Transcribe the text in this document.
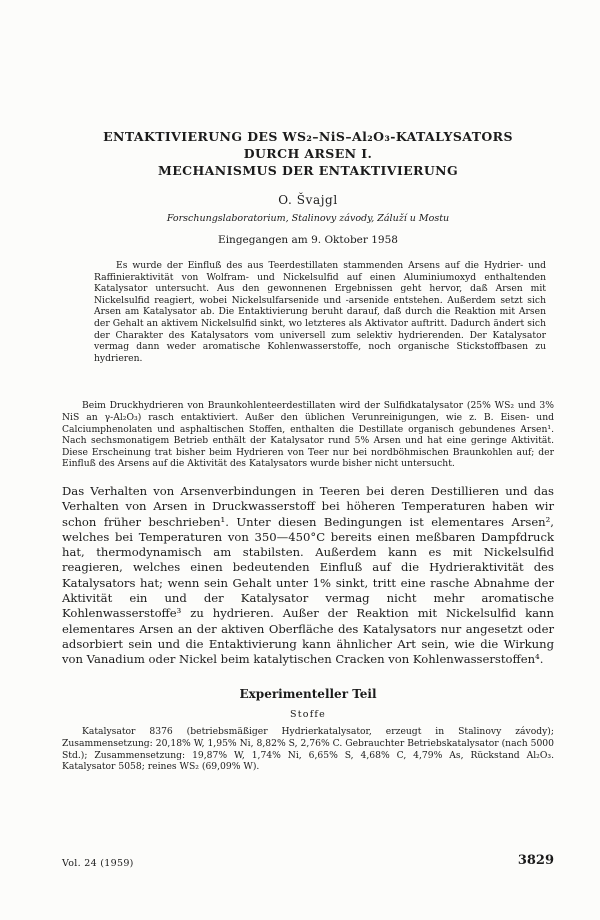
ENTAKTIVIERUNG DES WS₂–NiS–Al₂O₃-KATALYSATORS

DURCH ARSEN I.

MECHANISMUS DER ENTAKTIVIERUNG

O. Švajgl

Forschungslaboratorium, Stalinovy závody, Záluží u Mostu

Eingegangen am 9. Oktober 1958

Es wurde der Einfluß des aus Teerdestillaten stammenden Arsens auf die Hydrier- und Raffinieraktivität von Wolfram- und Nickelsulfid auf einen Aluminiumoxyd enthaltenden Katalysator untersucht. Aus den gewonnenen Ergebnissen geht hervor, daß Arsen mit Nickelsulfid reagiert, wobei Nickelsulfarsenide und -arsenide entstehen. Außerdem setzt sich Arsen am Katalysator ab. Die Entaktivierung beruht darauf, daß durch die Reaktion mit Arsen der Gehalt an aktivem Nickelsulfid sinkt, wo letzteres als Aktivator auftritt. Dadurch ändert sich der Charakter des Katalysators vom universell zum selektiv hydrierenden. Der Katalysator vermag dann weder aromatische Kohlenwasserstoffe, noch organische Stickstoffbasen zu hydrieren.

Beim Druckhydrieren von Braunkohlenteerdestillaten wird der Sulfidkatalysator (25% WS₂ und 3% NiS an γ-Al₂O₃) rasch entaktiviert. Außer den üblichen Verunreinigungen, wie z. B. Eisen- und Calciumphenolaten und asphaltischen Stoffen, enthalten die Destillate organisch gebundenes Arsen¹. Nach sechsmonatigem Betrieb enthält der Katalysator rund 5% Arsen und hat eine geringe Aktivität. Diese Erscheinung trat bisher beim Hydrieren von Teer nur bei nordböhmischen Braunkohlen auf; der Einfluß des Arsens auf die Aktivität des Katalysators wurde bisher nicht untersucht.

Das Verhalten von Arsenverbindungen in Teeren bei deren Destillieren und das Verhalten von Arsen in Druckwasserstoff bei höheren Temperaturen haben wir schon früher beschrieben¹. Unter diesen Bedingungen ist elementares Arsen², welches bei Temperaturen von 350—450°C bereits einen meßbaren Dampfdruck hat, thermodynamisch am stabilsten. Außerdem kann es mit Nickelsulfid reagieren, welches einen bedeutenden Einfluß auf die Hydrieraktivität des Katalysators hat; wenn sein Gehalt unter 1% sinkt, tritt eine rasche Abnahme der Aktivität ein und der Katalysator vermag nicht mehr aromatische Kohlenwasserstoffe³ zu hydrieren. Außer der Reaktion mit Nickelsulfid kann elementares Arsen an der aktiven Oberfläche des Katalysators nur angesetzt oder adsorbiert sein und die Entaktivierung kann ähnlicher Art sein, wie die Wirkung von Vanadium oder Nickel beim katalytischen Cracken von Kohlenwasserstoffen⁴.

Experimenteller Teil

Stoffe

Katalysator 8376 (betriebsmäßiger Hydrierkatalysator, erzeugt in Stalinovy závody); Zusammensetzung: 20,18% W, 1,95% Ni, 8,82% S, 2,76% C. Gebrauchter Betriebskatalysator (nach 5000 Std.); Zusammensetzung: 19,87% W, 1,74% Ni, 6,65% S, 4,68% C, 4,79% As, Rückstand Al₂O₃. Katalysator 5058; reines WS₂ (69,09% W).

Vol. 24 (1959)	3829
